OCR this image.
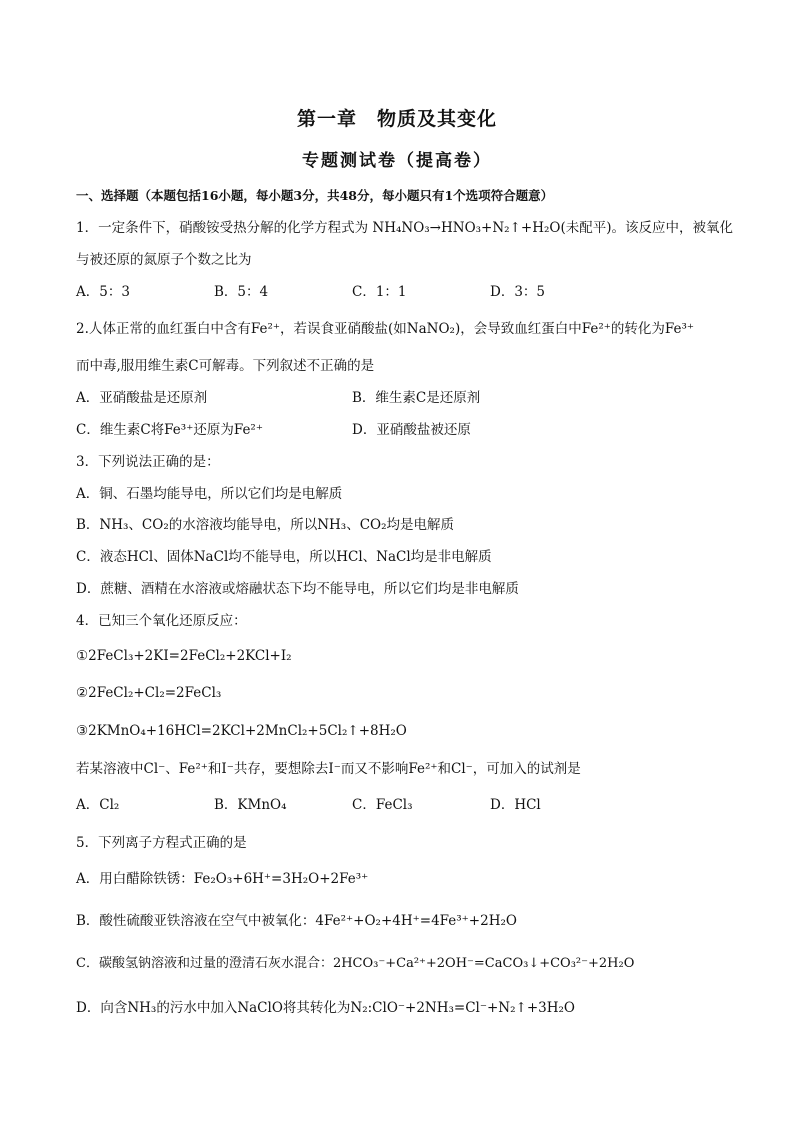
第一章　物质及其变化
专题测试卷（提高卷）
一、选择题（本题包括16小题，每小题3分，共48分，每小题只有1个选项符合题意）
1．一定条件下，硝酸铵受热分解的化学方程式为 NH₄NO₃→HNO₃+N₂↑+H₂O(未配平)。该反应中，被氧化
与被还原的氮原子个数之比为
A．5：3	B．5：4	C．1：1	D．3：5
2.人体正常的血红蛋白中含有Fe²⁺，若误食亚硝酸盐(如NaNO₂)，会导致血红蛋白中Fe²⁺的转化为Fe³⁺
而中毒,服用维生素C可解毒。下列叙述不正确的是
A．亚硝酸盐是还原剂	B．维生素C是还原剂
C．维生素C将Fe³⁺还原为Fe²⁺	D．亚硝酸盐被还原
3．下列说法正确的是：
A．铜、石墨均能导电，所以它们均是电解质
B．NH₃、CO₂的水溶液均能导电，所以NH₃、CO₂均是电解质
C．液态HCl、固体NaCl均不能导电，所以HCl、NaCl均是非电解质
D．蔗糖、酒精在水溶液或熔融状态下均不能导电，所以它们均是非电解质
4．已知三个氧化还原反应：
①2FeCl₃+2KI=2FeCl₂+2KCl+I₂
②2FeCl₂+Cl₂=2FeCl₃
③2KMnO₄+16HCl=2KCl+2MnCl₂+5Cl₂↑+8H₂O
若某溶液中Cl⁻、Fe²⁺和I⁻共存，要想除去I⁻而又不影响Fe²⁺和Cl⁻，可加入的试剂是
A．Cl₂	B．KMnO₄	C．FeCl₃	D．HCl
5．下列离子方程式正确的是
A．用白醋除铁锈：Fe₂O₃+6H⁺=3H₂O+2Fe³⁺
B．酸性硫酸亚铁溶液在空气中被氧化：4Fe²⁺+O₂+4H⁺=4Fe³⁺+2H₂O
C．碳酸氢钠溶液和过量的澄清石灰水混合：2HCO₃⁻+Ca²⁺+2OH⁻=CaCO₃↓+CO₃²⁻+2H₂O
D．向含NH₃的污水中加入NaClO将其转化为N₂:ClO⁻+2NH₃=Cl⁻+N₂↑+3H₂O
